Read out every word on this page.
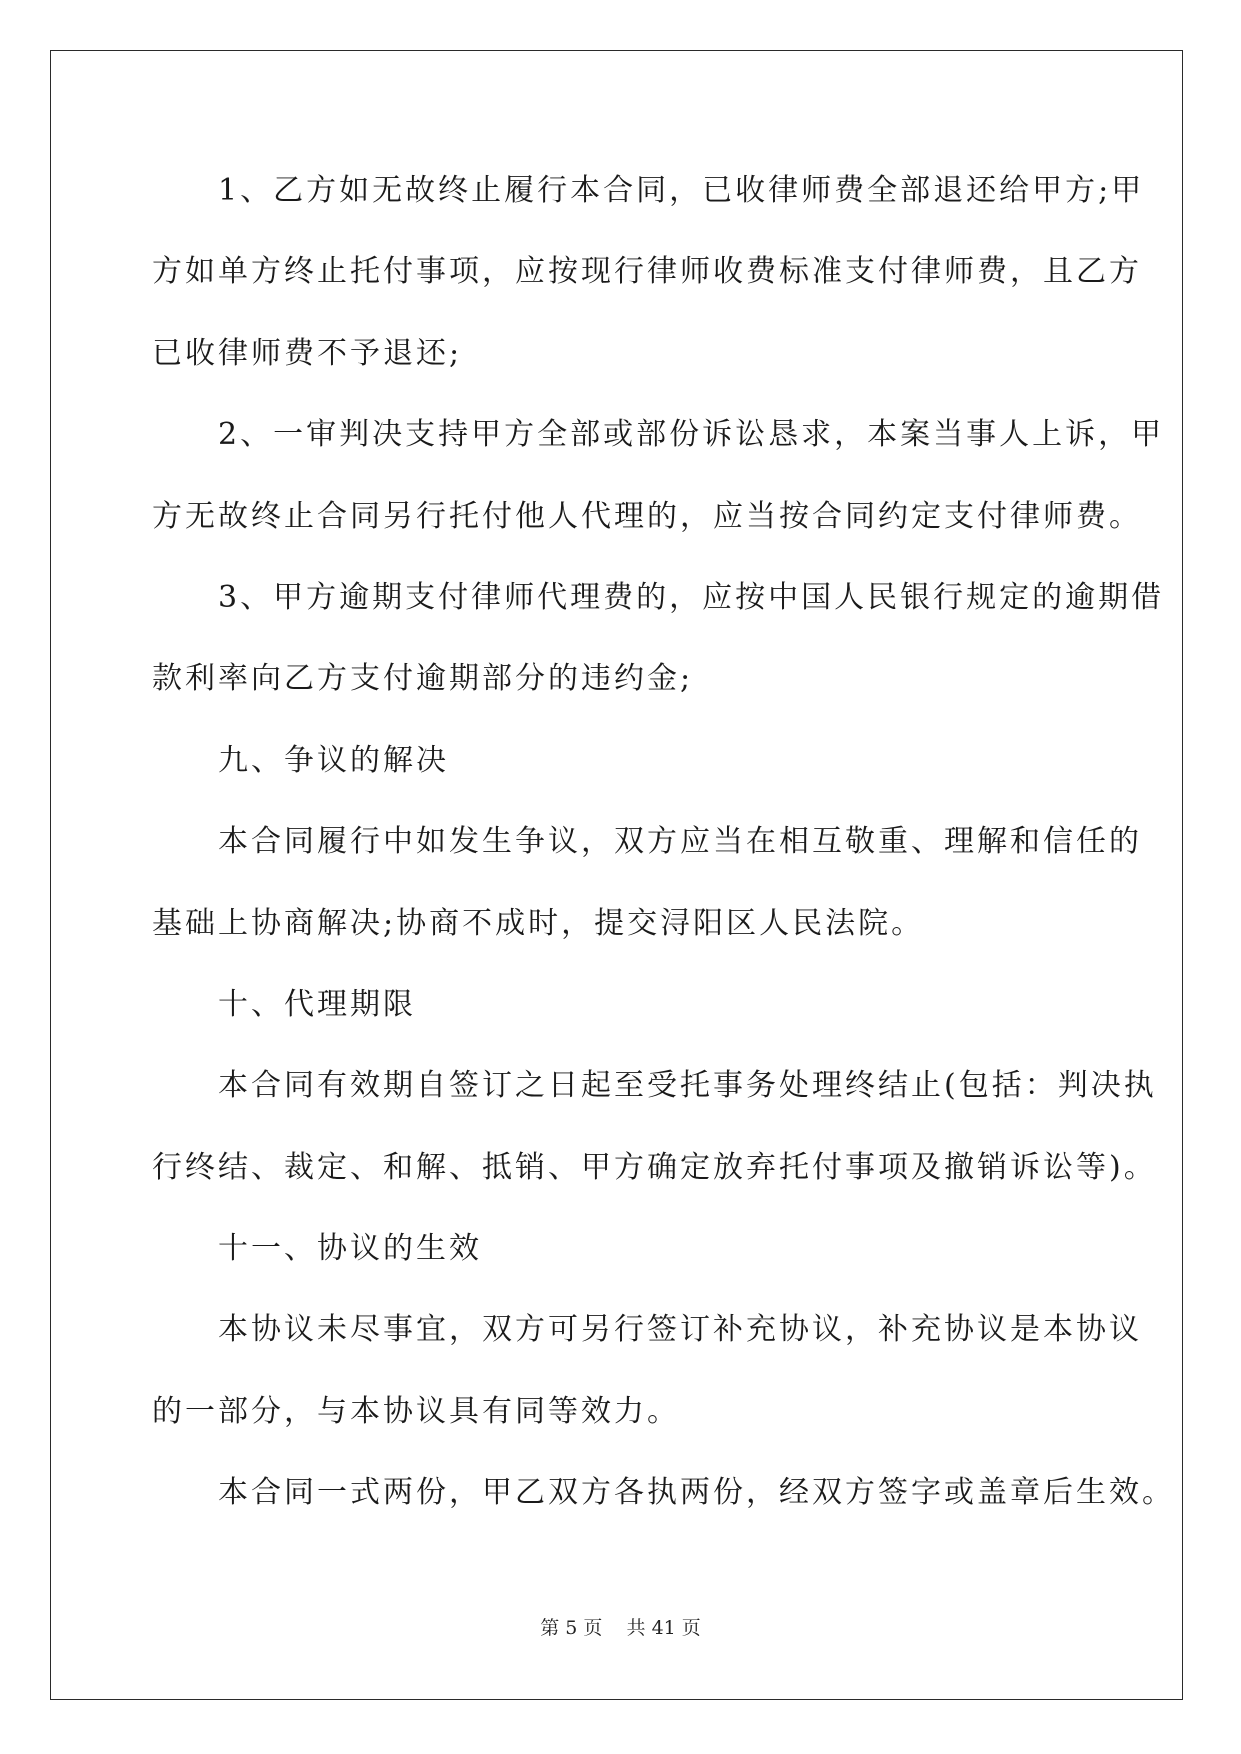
　　1、乙方如无故终止履行本合同，已收律师费全部退还给甲方;甲
方如单方终止托付事项，应按现行律师收费标准支付律师费，且乙方
已收律师费不予退还;
　　2、一审判决支持甲方全部或部份诉讼恳求，本案当事人上诉，甲
方无故终止合同另行托付他人代理的，应当按合同约定支付律师费。
　　3、甲方逾期支付律师代理费的，应按中国人民银行规定的逾期借
款利率向乙方支付逾期部分的违约金;
　　九、争议的解决
　　本合同履行中如发生争议，双方应当在相互敬重、理解和信任的
基础上协商解决;协商不成时，提交浔阳区人民法院。
　　十、代理期限
　　本合同有效期自签订之日起至受托事务处理终结止(包括：判决执
行终结、裁定、和解、抵销、甲方确定放弃托付事项及撤销诉讼等)。
　　十一、协议的生效
　　本协议未尽事宜，双方可另行签订补充协议，补充协议是本协议
的一部分，与本协议具有同等效力。
　　本合同一式两份，甲乙双方各执两份，经双方签字或盖章后生效。
第 5 页 共 41 页
